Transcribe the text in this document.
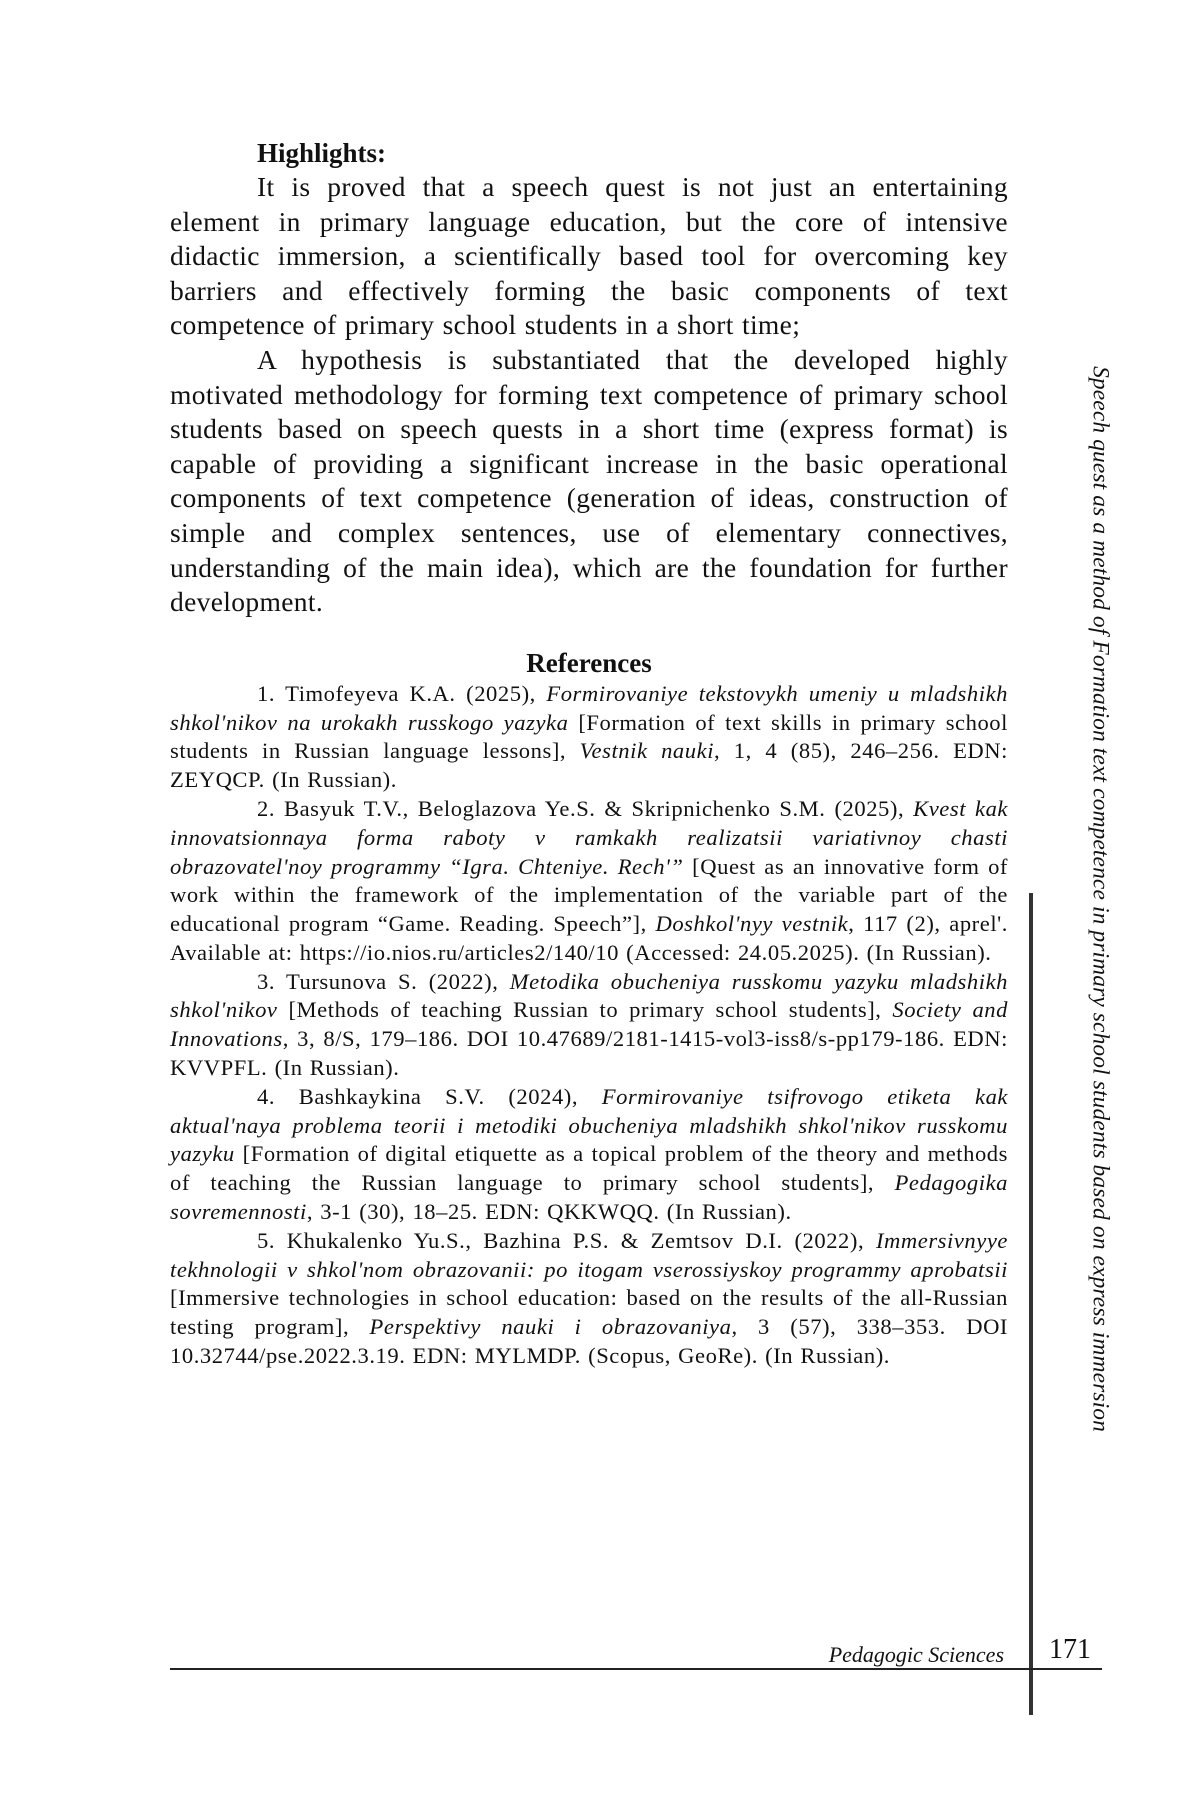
Highlights:

It is proved that a speech quest is not just an entertaining element in primary language education, but the core of intensive didactic immersion, a scientifically based tool for overcoming key barriers and effectively forming the basic components of text competence of primary school students in a short time;

A hypothesis is substantiated that the developed highly motivated methodology for forming text competence of primary school students based on speech quests in a short time (express format) is capable of providing a significant increase in the basic operational components of text competence (generation of ideas, construction of simple and complex sentences, use of elementary connectives, understanding of the main idea), which are the foundation for further development.

References

1. Timofeyeva K.A. (2025), Formirovaniye tekstovykh umeniy u mladshikh shkol'nikov na urokakh russkogo yazyka [Formation of text skills in primary school students in Russian language lessons], Vestnik nauki, 1, 4 (85), 246–256. EDN: ZEYQCP. (In Russian).

2. Basyuk T.V., Beloglazova Ye.S. & Skripnichenko S.M. (2025), Kvest kak innovatsionnaya forma raboty v ramkakh realizatsii variativnoy chasti obrazovatel'noy programmy “Igra. Chteniye. Rech'” [Quest as an innovative form of work within the framework of the implementation of the variable part of the educational program “Game. Reading. Speech”], Doshkol'nyy vestnik, 117 (2), aprel'. Available at: https://io.nios.ru/articles2/140/10 (Accessed: 24.05.2025). (In Russian).

3. Tursunova S. (2022), Metodika obucheniya russkomu yazyku mladshikh shkol'nikov [Methods of teaching Russian to primary school students], Society and Innovations, 3, 8/S, 179–186. DOI 10.47689/2181-1415-vol3-iss8/s-pp179-186. EDN: KVVPFL. (In Russian).

4. Bashkaykina S.V. (2024), Formirovaniye tsifrovogo etiketa kak aktual'naya problema teorii i metodiki obucheniya mladshikh shkol'nikov russkomu yazyku [Formation of digital etiquette as a topical problem of the theory and methods of teaching the Russian language to primary school students], Pedagogika sovremennosti, 3-1 (30), 18–25. EDN: QKKWQQ. (In Russian).

5. Khukalenko Yu.S., Bazhina P.S. & Zemtsov D.I. (2022), Immersivnyye tekhnologii v shkol'nom obrazovanii: po itogam vserossiyskoy programmy aprobatsii [Immersive technologies in school education: based on the results of the all-Russian testing program], Perspektivy nauki i obrazovaniya, 3 (57), 338–353. DOI 10.32744/pse.2022.3.19. EDN: MYLMDP. (Scopus, GeoRe). (In Russian).	Speech quest as a method of Formation text competence in primary school students based on express immersion
Pedagogic Sciences 171
